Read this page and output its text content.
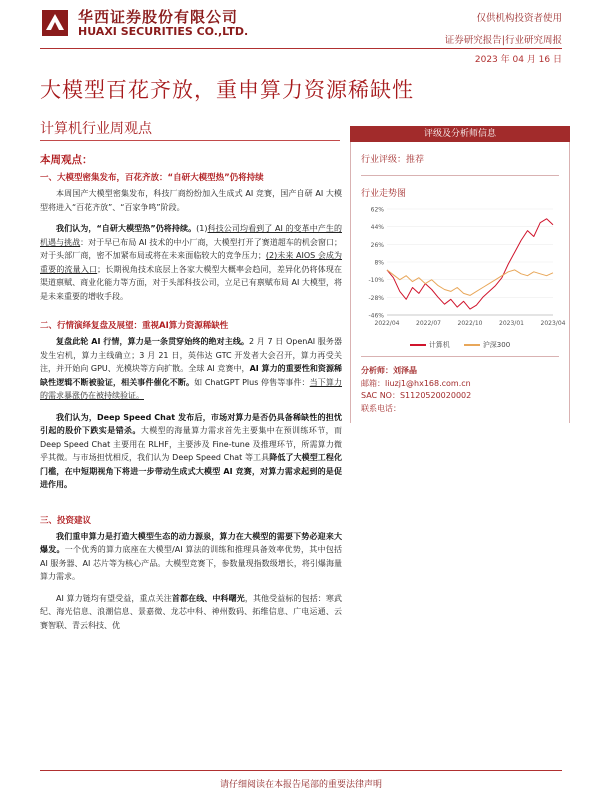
华西证券股份有限公司
HUAXI SECURITIES CO.,LTD.
仅供机构投资者使用
证券研究报告|行业研究周报
2023 年 04 月 16 日
大模型百花齐放，重申算力资源稀缺性
计算机行业周观点

本周观点：

一、大模型密集发布，百花齐放：“自研大模型热”仍将持续

本周国产大模型密集发布，科技厂商纷纷加入生成式 AI 竞赛，国产自研 AI 大模型将进入“百花齐放”、“百家争鸣”阶段。

我们认为，“自研大模型热”仍将持续。(1)科技公司均看到了 AI 的变革中产生的机遇与挑战：对于早已布局 AI 技术的中小厂商，大模型打开了赛道超车的机会窗口；对于头部厂商，密不加紧布局或将在未来面临较大的竞争压力；(2)未来 AIOS 会成为重要的流量入口；长期视角技术底层上各家大模型大概率会趋同，差异化仍将体现在渠道禀赋、商业化能力等方面，对于头部科技公司，立足已有禀赋布局 AI 大模型，将是未来重要的增收手段。

二、行情演绎复盘及展望：重视AI算力资源稀缺性

复盘此轮 AI 行情，算力是一条贯穿始终的绝对主线。2 月 7 日 OpenAI 服务器发生宕机，算力主线确立；3 月 21 日，英伟达 GTC 开发者大会召开，算力再受关注，并开始向 GPU、光模块等方向扩散。全球 AI 竞赛中，AI 算力的重要性和资源稀缺性逻辑不断被验证，相关事件催化不断。如 ChatGPT Plus 停售等事件：当下算力的需求暴涨仍在被持续验证。

我们认为，Deep Speed Chat 发布后，市场对算力是否仍具备稀缺性的担忧引起的股价下跌实是错杀。大模型的海量算力需求首先主要集中在预训练环节，而 Deep Speed Chat 主要用在 RLHF，主要涉及 Fine-tune 及推理环节，所需算力微乎其微。与市场担忧相反，我们认为 Deep Speed Chat 等工具降低了大模型工程化门槛，在中短期视角下将进一步带动生成式大模型 AI 竞赛，对算力需求起到的是促进作用。

三、投资建议

我们重申算力是打造大模型生态的动力源泉，算力在大模型的需要下势必迎来大爆发。一个优秀的算力底座在大模型/AI 算法的训练和推理具备效率优势，其中包括 AI 服务器、AI 芯片等为核心产品。大模型竞赛下，参数量现指数级增长，将引爆海量算力需求。

AI 算力链均有望受益，重点关注首都在线、中科曙光，其他受益标的包括：寒武纪、海光信息、浪潮信息、景嘉微、龙芯中科、神州数码、拓维信息、广电运通、云赛智联、青云科技、优

评级及分析师信息
行业评级：推荐
行业走势图
62%
44%
26%
8%
-10%
-28%
-46%
2022/04	2022/07	2022/10	2023/01	2023/04
计算机	沪深300
分析师：刘泽晶
邮箱：liuzj1@hx168.com.cn
SAC NO：S1120520020002
联系电话：
请仔细阅读在本报告尾部的重要法律声明
